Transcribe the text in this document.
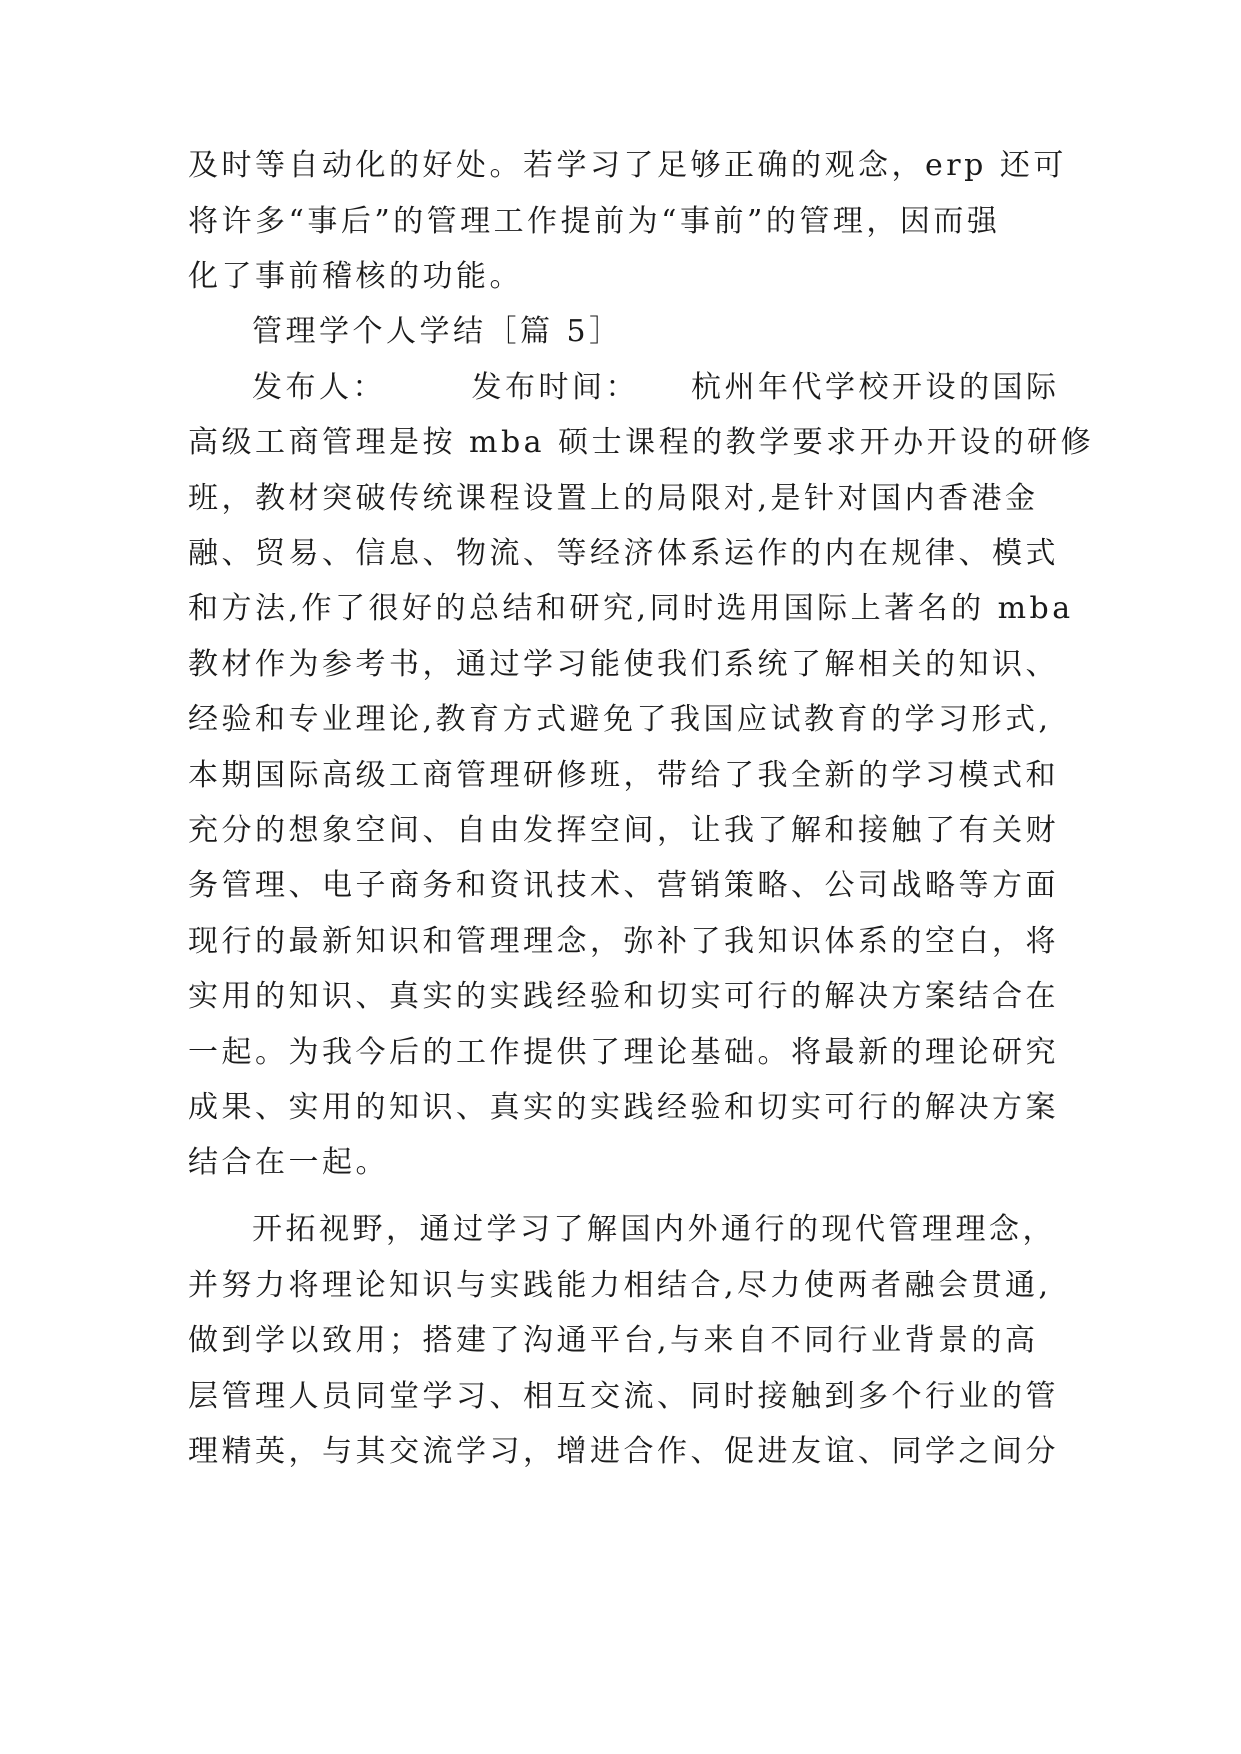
及时等自动化的好处。若学习了足够正确的观念，erp 还可
将许多“事后”的管理工作提前为“事前”的管理，因而强
化了事前稽核的功能。
管理学个人学结［篇 5］
发布人：　　　发布时间：　　杭州年代学校开设的国际
高级工商管理是按 mba 硕士课程的教学要求开办开设的研修
班，教材突破传统课程设置上的局限对,是针对国内香港金
融、贸易、信息、物流、等经济体系运作的内在规律、模式
和方法,作了很好的总结和研究,同时选用国际上著名的 mba
教材作为参考书，通过学习能使我们系统了解相关的知识、
经验和专业理论,教育方式避免了我国应试教育的学习形式,
本期国际高级工商管理研修班，带给了我全新的学习模式和
充分的想象空间、自由发挥空间，让我了解和接触了有关财
务管理、电子商务和资讯技术、营销策略、公司战略等方面
现行的最新知识和管理理念，弥补了我知识体系的空白，将
实用的知识、真实的实践经验和切实可行的解决方案结合在
一起。为我今后的工作提供了理论基础。将最新的理论研究
成果、实用的知识、真实的实践经验和切实可行的解决方案
结合在一起。
开拓视野，通过学习了解国内外通行的现代管理理念，
并努力将理论知识与实践能力相结合,尽力使两者融会贯通,
做到学以致用；搭建了沟通平台,与来自不同行业背景的高
层管理人员同堂学习、相互交流、同时接触到多个行业的管
理精英，与其交流学习，增进合作、促进友谊、同学之间分
